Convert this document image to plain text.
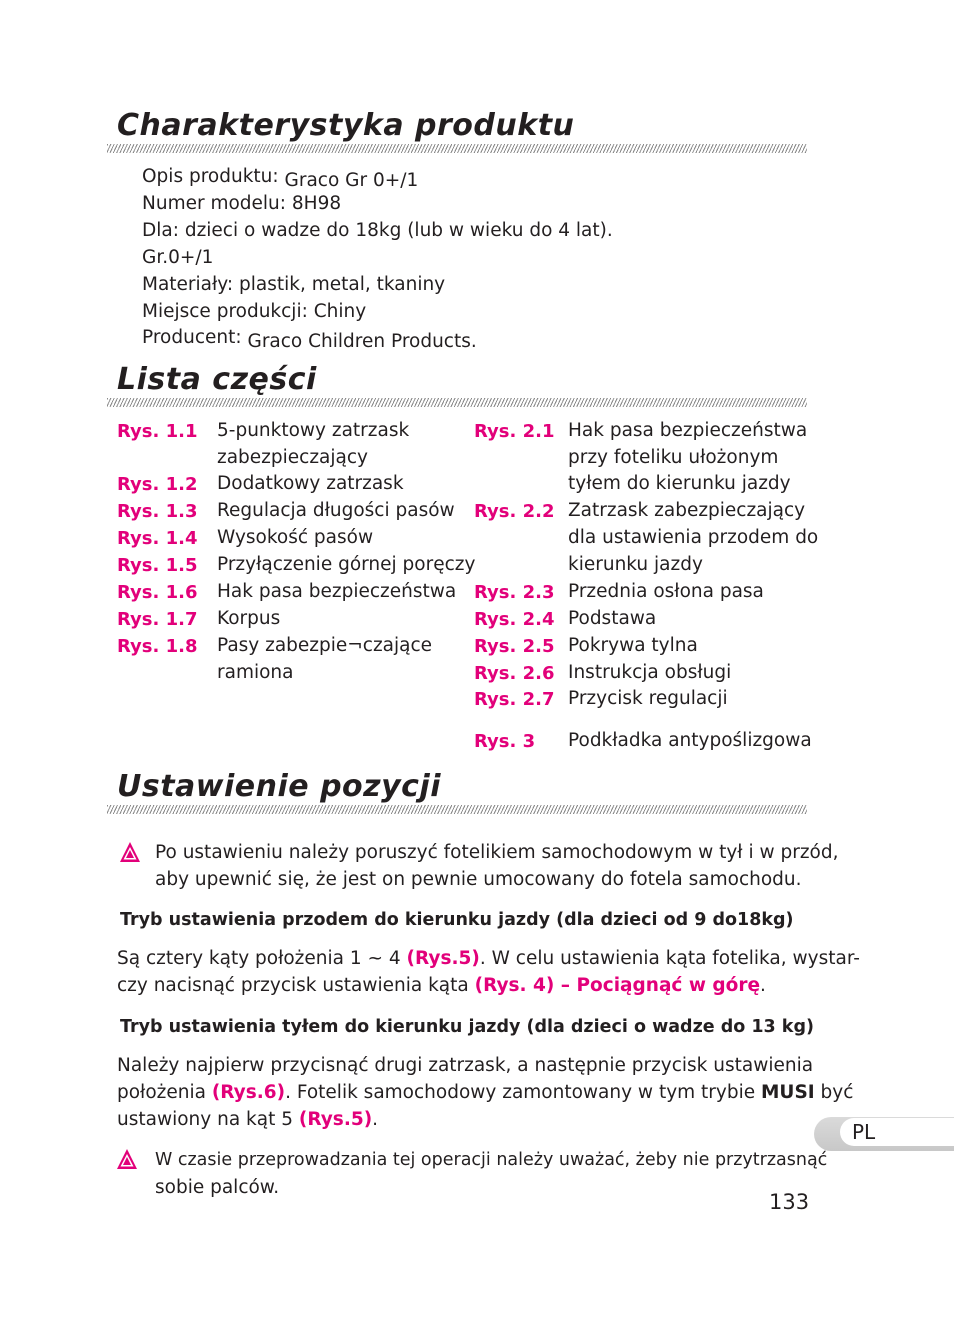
Charakterystyka produktu
Opis produktu: Graco Gr 0+/1
Numer modelu: 8H98
Dla: dzieci o wadze do 18kg (lub w wieku do 4 lat).
Gr.0+/1
Materiały: plastik, metal, tkaniny
Miejsce produkcji: Chiny
Producent: Graco Children Products.
Lista części
Rys. 1.1 5-punktowy zatrzask
zabezpieczający
Rys. 1.2 Dodatkowy zatrzask
Rys. 1.3 Regulacja długości pasów
Rys. 1.4 Wysokość pasów
Rys. 1.5 Przyłączenie górnej poręczy
Rys. 1.6 Hak pasa bezpieczeństwa
Rys. 1.7 Korpus
Rys. 1.8 Pasy zabezpie¬czające
ramiona
Rys. 2.1 Hak pasa bezpieczeństwa
przy foteliku ułożonym
tyłem do kierunku jazdy
Rys. 2.2 Zatrzask zabezpieczający
dla ustawienia przodem do
kierunku jazdy
Rys. 2.3 Przednia osłona pasa
Rys. 2.4 Podstawa
Rys. 2.5 Pokrywa tylna
Rys. 2.6 Instrukcja obsługi
Rys. 2.7 Przycisk regulacji
Rys. 3 Podkładka antypoślizgowa
Ustawienie pozycji
Po ustawieniu należy poruszyć fotelikiem samochodowym w tył i w przód,
aby upewnić się, że jest on pewnie umocowany do fotela samochodu.
Tryb ustawienia przodem do kierunku jazdy (dla dzieci od 9 do18kg)
Są cztery kąty położenia 1 ~ 4 (Rys.5). W celu ustawienia kąta fotelika, wystar-
czy nacisnąć przycisk ustawienia kąta (Rys. 4) – Pociągnąć w górę.
Tryb ustawienia tyłem do kierunku jazdy (dla dzieci o wadze do 13 kg)
Należy najpierw przycisnąć drugi zatrzask, a następnie przycisk ustawienia
położenia (Rys.6). Fotelik samochodowy zamontowany w tym trybie MUSI być
ustawiony na kąt 5 (Rys.5).
W czasie przeprowadzania tej operacji należy uważać, żeby nie przytrzasnąć
sobie palców.
PL
133
